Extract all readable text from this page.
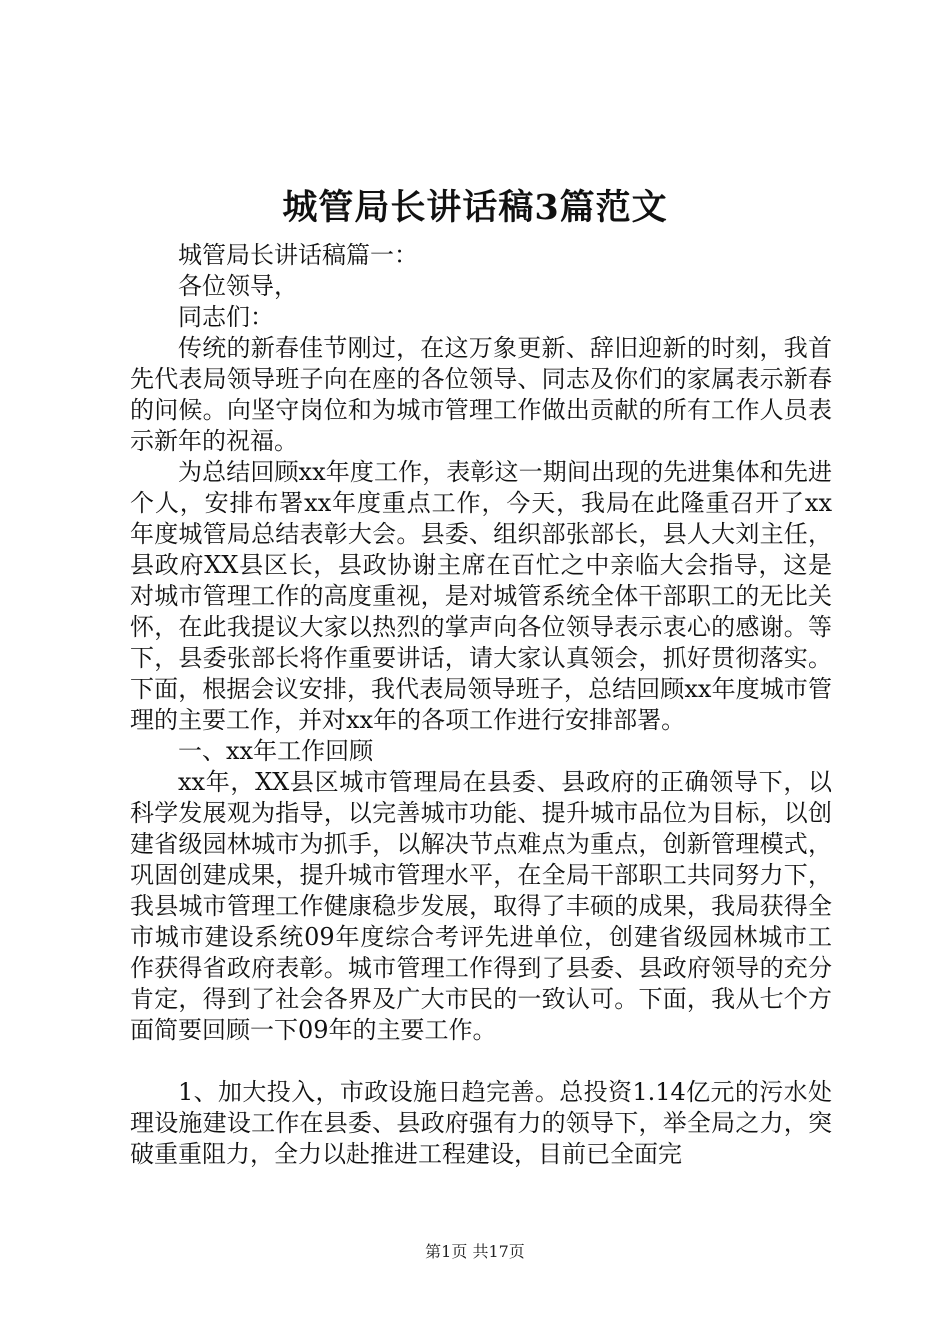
城管局长讲话稿3篇范文

城管局长讲话稿篇一：

各位领导，

同志们：

传统的新春佳节刚过，在这万象更新、辞旧迎新的时刻，我首先代表局领导班子向在座的各位领导、同志及你们的家属表示新春的问候。向坚守岗位和为城市管理工作做出贡献的所有工作人员表示新年的祝福。

为总结回顾xx年度工作，表彰这一期间出现的先进集体和先进个人，安排布署xx年度重点工作，今天，我局在此隆重召开了xx年度城管局总结表彰大会。县委、组织部张部长，县人大刘主任，县政府XX县区长，县政协谢主席在百忙之中亲临大会指导，这是对城市管理工作的高度重视，是对城管系统全体干部职工的无比关怀，在此我提议大家以热烈的掌声向各位领导表示衷心的感谢。等下，县委张部长将作重要讲话，请大家认真领会，抓好贯彻落实。下面，根据会议安排，我代表局领导班子，总结回顾xx年度城市管理的主要工作，并对xx年的各项工作进行安排部署。

一、xx年工作回顾

xx年，XX县区城市管理局在县委、县政府的正确领导下，以科学发展观为指导，以完善城市功能、提升城市品位为目标，以创建省级园林城市为抓手，以解决节点难点为重点，创新管理模式，巩固创建成果，提升城市管理水平，在全局干部职工共同努力下，我县城市管理工作健康稳步发展，取得了丰硕的成果，我局获得全市城市建设系统09年度综合考评先进单位，创建省级园林城市工作获得省政府表彰。城市管理工作得到了县委、县政府领导的充分肯定，得到了社会各界及广大市民的一致认可。下面，我从七个方面简要回顾一下09年的主要工作。

1、加大投入，市政设施日趋完善。总投资1.14亿元的污水处理设施建设工作在县委、县政府强有力的领导下，举全局之力，突破重重阻力，全力以赴推进工程建设，目前已全面完

第1页 共17页
